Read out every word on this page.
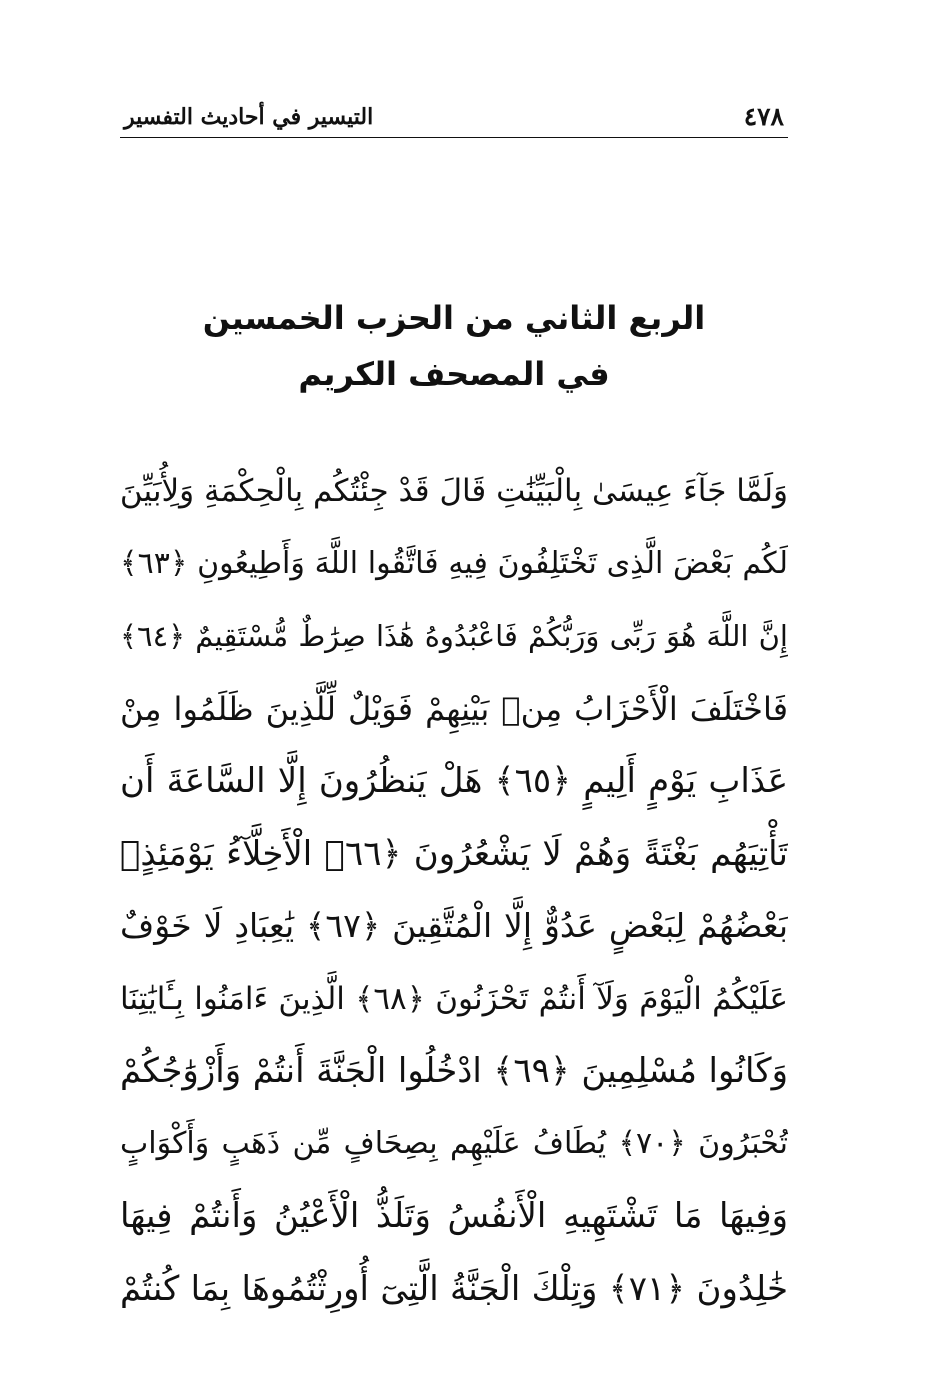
٤٧٨
التيسير في أحاديث التفسير
الربع الثاني من الحزب الخمسين
في المصحف الكريم
وَلَمَّا جَآءَ عِيسَىٰ بِالْبَيِّنَٰتِ قَالَ قَدْ جِئْتُكُم بِالْحِكْمَةِ وَلِأُبَيِّنَ
لَكُم بَعْضَ الَّذِى تَخْتَلِفُونَ فِيهِ فَاتَّقُوا اللَّهَ وَأَطِيعُونِ ﴿٦٣﴾
إِنَّ اللَّهَ هُوَ رَبِّى وَرَبُّكُمْ فَاعْبُدُوهُ هَٰذَا صِرَٰطٌ مُّسْتَقِيمٌ ﴿٦٤﴾
فَاخْتَلَفَ الْأَحْزَابُ مِنۢ بَيْنِهِمْ فَوَيْلٌ لِّلَّذِينَ ظَلَمُوا مِنْ
عَذَابِ يَوْمٍ أَلِيمٍ ﴿٦٥﴾ هَلْ يَنظُرُونَ إِلَّا السَّاعَةَ أَن
تَأْتِيَهُم بَغْتَةً وَهُمْ لَا يَشْعُرُونَ ﴿٦٦﴾ الْأَخِلَّآءُ يَوْمَئِذٍۭ
بَعْضُهُمْ لِبَعْضٍ عَدُوٌّ إِلَّا الْمُتَّقِينَ ﴿٦٧﴾ يَٰعِبَادِ لَا خَوْفٌ
عَلَيْكُمُ الْيَوْمَ وَلَآ أَنتُمْ تَحْزَنُونَ ﴿٦٨﴾ الَّذِينَ ءَامَنُوا بِـَٔايَٰتِنَا
وَكَانُوا مُسْلِمِينَ ﴿٦٩﴾ ادْخُلُوا الْجَنَّةَ أَنتُمْ وَأَزْوَٰجُكُمْ
تُحْبَرُونَ ﴿٧٠﴾ يُطَافُ عَلَيْهِم بِصِحَافٍ مِّن ذَهَبٍ وَأَكْوَابٍ
وَفِيهَا مَا تَشْتَهِيهِ الْأَنفُسُ وَتَلَذُّ الْأَعْيُنُ وَأَنتُمْ فِيهَا
خَٰلِدُونَ ﴿٧١﴾ وَتِلْكَ الْجَنَّةُ الَّتِىٓ أُورِثْتُمُوهَا بِمَا كُنتُمْ
